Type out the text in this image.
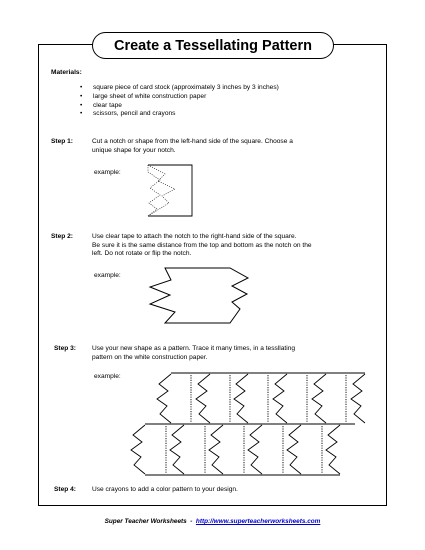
Create a Tessellating Pattern
Materials:
• square piece of card stock (approximately 3 inches by 3 inches)
• large sheet of white construction paper
• clear tape
• scissors, pencil and crayons
Step 1:	Cut a notch or shape from the left-hand side of the square. Choose a
unique shape for your notch.
example:
Step 2:	Use clear tape to attach the notch to the right-hand side of the square.
Be sure it is the same distance from the top and bottom as the notch on the
left. Do not rotate or flip the notch.
example:
Step 3: Use your new shape as a pattern. Trace it many times, in a tessllating
pattern on the white construction paper.
example:
Step 4: Use crayons to add a color pattern to your design.
Super Teacher Worksheets  -  http://www.superteacherworksheets.com
